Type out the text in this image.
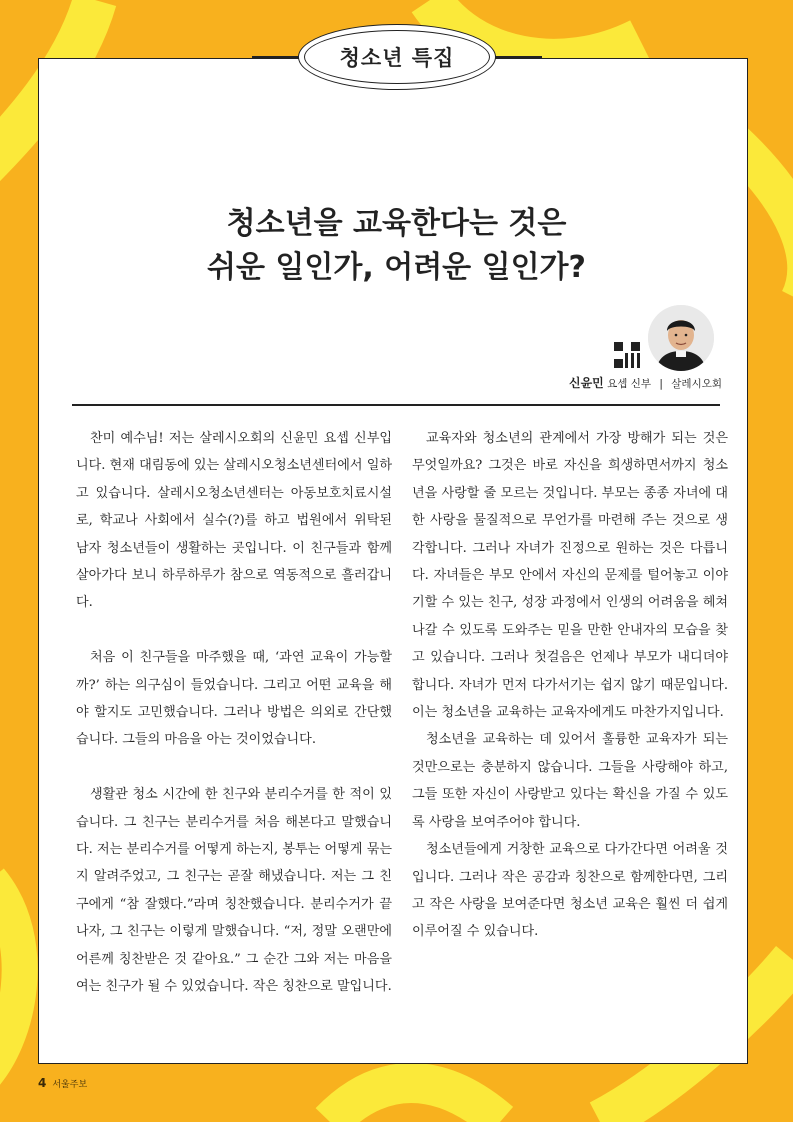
청소년 특집
청소년을 교육한다는 것은
쉬운 일인가, 어려운 일인가?
신윤민 요셉 신부 | 살레시오회

찬미 예수님! 저는 살레시오회의 신윤민 요셉 신부입니다. 현재 대림동에 있는 살레시오청소년센터에서 일하고 있습니다. 살레시오청소년센터는 아동보호치료시설로, 학교나 사회에서 실수(?)를 하고 법원에서 위탁된 남자 청소년들이 생활하는 곳입니다. 이 친구들과 함께 살아가다 보니 하루하루가 참으로 역동적으로 흘러갑니다.

처음 이 친구들을 마주했을 때, ‘과연 교육이 가능할까?’ 하는 의구심이 들었습니다. 그리고 어떤 교육을 해야 할지도 고민했습니다. 그러나 방법은 의외로 간단했습니다. 그들의 마음을 아는 것이었습니다.

생활관 청소 시간에 한 친구와 분리수거를 한 적이 있습니다. 그 친구는 분리수거를 처음 해본다고 말했습니다. 저는 분리수거를 어떻게 하는지, 봉투는 어떻게 묶는지 알려주었고, 그 친구는 곧잘 해냈습니다. 저는 그 친구에게 “참 잘했다.”라며 칭찬했습니다. 분리수거가 끝나자, 그 친구는 이렇게 말했습니다. “저, 정말 오랜만에 어른께 칭찬받은 것 같아요.” 그 순간 그와 저는 마음을 여는 친구가 될 수 있었습니다. 작은 칭찬으로 말입니다.

교육자와 청소년의 관계에서 가장 방해가 되는 것은 무엇일까요? 그것은 바로 자신을 희생하면서까지 청소년을 사랑할 줄 모르는 것입니다. 부모는 종종 자녀에 대한 사랑을 물질적으로 무언가를 마련해 주는 것으로 생각합니다. 그러나 자녀가 진정으로 원하는 것은 다릅니다. 자녀들은 부모 안에서 자신의 문제를 털어놓고 이야기할 수 있는 친구, 성장 과정에서 인생의 어려움을 헤쳐 나갈 수 있도록 도와주는 믿을 만한 안내자의 모습을 찾고 있습니다. 그러나 첫걸음은 언제나 부모가 내디뎌야 합니다. 자녀가 먼저 다가서기는 쉽지 않기 때문입니다. 이는 청소년을 교육하는 교육자에게도 마찬가지입니다.

청소년을 교육하는 데 있어서 훌륭한 교육자가 되는 것만으로는 충분하지 않습니다. 그들을 사랑해야 하고, 그들 또한 자신이 사랑받고 있다는 확신을 가질 수 있도록 사랑을 보여주어야 합니다.

청소년들에게 거창한 교육으로 다가간다면 어려울 것입니다. 그러나 작은 공감과 칭찬으로 함께한다면, 그리고 작은 사랑을 보여준다면 청소년 교육은 훨씬 더 쉽게 이루어질 수 있습니다.

4 서울주보
